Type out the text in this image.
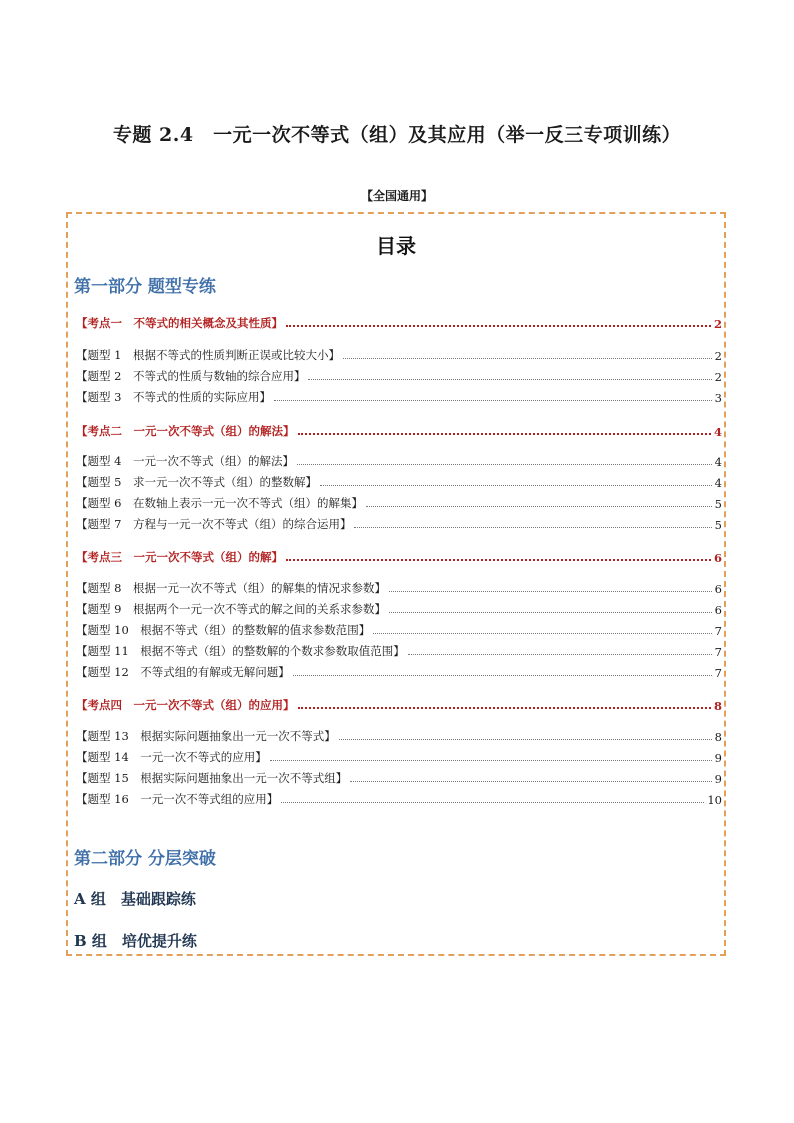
专题 2.4　一元一次不等式（组）及其应用（举一反三专项训练）
【全国通用】
目录
第一部分 题型专练
【考点一　不等式的相关概念及其性质】	2
【题型 1　根据不等式的性质判断正误或比较大小】	2
【题型 2　不等式的性质与数轴的综合应用】	2
【题型 3　不等式的性质的实际应用】	3
【考点二　一元一次不等式（组）的解法】	4
【题型 4　一元一次不等式（组）的解法】	4
【题型 5　求一元一次不等式（组）的整数解】	4
【题型 6　在数轴上表示一元一次不等式（组）的解集】	5
【题型 7　方程与一元一次不等式（组）的综合运用】	5
【考点三　一元一次不等式（组）的解】	6
【题型 8　根据一元一次不等式（组）的解集的情况求参数】	6
【题型 9　根据两个一元一次不等式的解之间的关系求参数】	6
【题型 10　根据不等式（组）的整数解的值求参数范围】	7
【题型 11　根据不等式（组）的整数解的个数求参数取值范围】	7
【题型 12　不等式组的有解或无解问题】	7
【考点四　一元一次不等式（组）的应用】	8
【题型 13　根据实际问题抽象出一元一次不等式】	8
【题型 14　一元一次不等式的应用】	9
【题型 15　根据实际问题抽象出一元一次不等式组】	9
【题型 16　一元一次不等式组的应用】	10
第二部分 分层突破
A 组　基础跟踪练
B 组　培优提升练
